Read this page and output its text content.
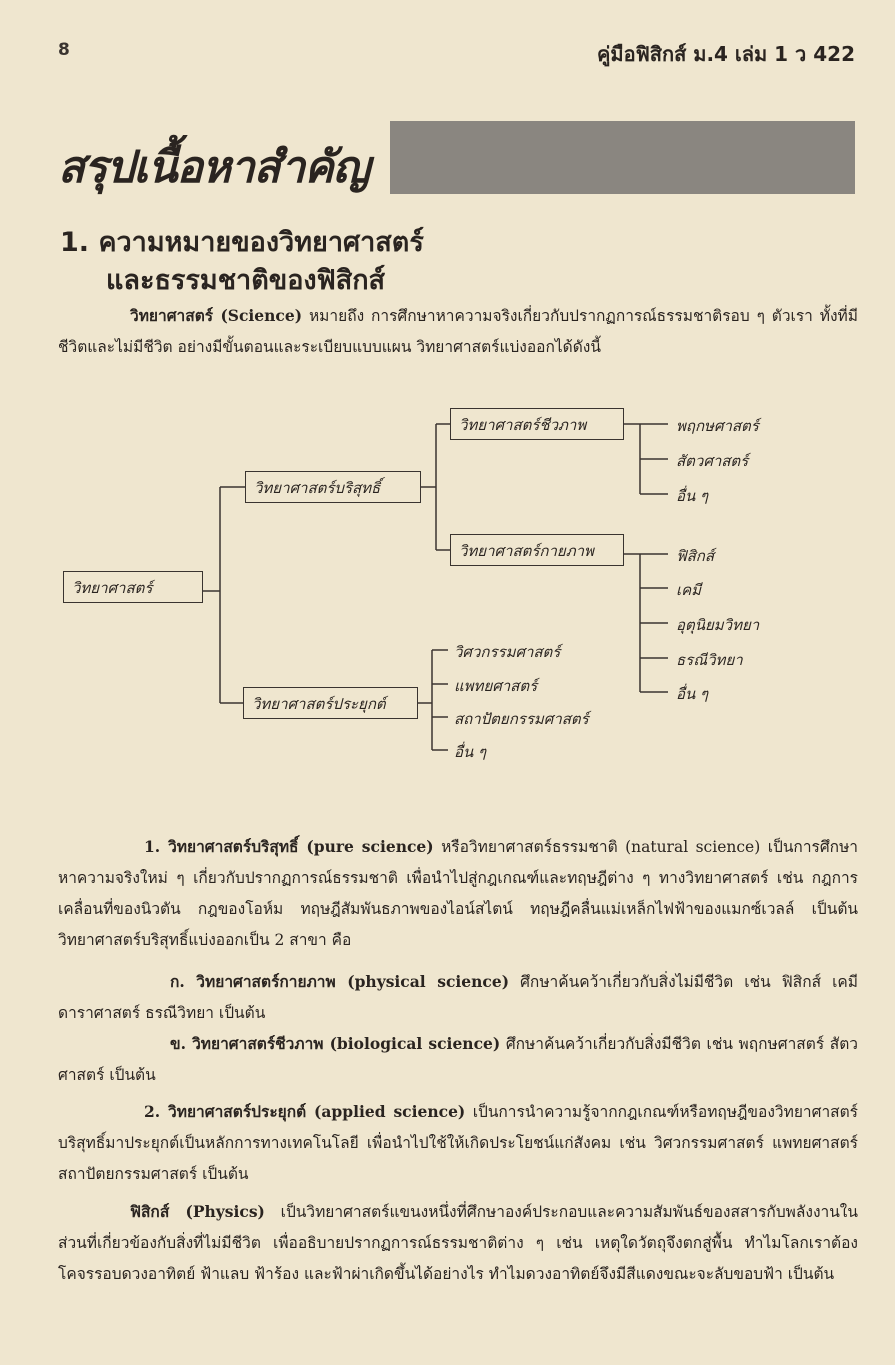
8	คู่มือฟิสิกส์ ม.4 เล่ม 1 ว 422
สรุปเนื้อหาสำคัญ
1. ความหมายของวิทยาศาสตร์
และธรรมชาติของฟิสิกส์
วิทยาศาสตร์ (Science) หมายถึง การศึกษาหาความจริงเกี่ยวกับปรากฏการณ์ธรรมชาติรอบ ๆ ตัวเรา ทั้งที่มีชีวิตและไม่มีชีวิต อย่างมีขั้นตอนและระเบียบแบบแผน วิทยาศาสตร์แบ่งออกได้ดังนี้
วิทยาศาสตร์
วิทยาศาสตร์บริสุทธิ์
วิทยาศาสตร์ประยุกต์
วิทยาศาสตร์ชีวภาพ
วิทยาศาสตร์กายภาพ
พฤกษศาสตร์
สัตวศาสตร์
อื่น ๆ
ฟิสิกส์
เคมี
อุตุนิยมวิทยา
ธรณีวิทยา
อื่น ๆ
วิศวกรรมศาสตร์
แพทยศาสตร์
สถาปัตยกรรมศาสตร์
อื่น ๆ
1. วิทยาศาสตร์บริสุทธิ์ (pure science) หรือวิทยาศาสตร์ธรรมชาติ (natural science) เป็นการศึกษาหาความจริงใหม่ ๆ เกี่ยวกับปรากฏการณ์ธรรมชาติ เพื่อนำไปสู่กฎเกณฑ์และทฤษฎีต่าง ๆ ทางวิทยาศาสตร์ เช่น กฎการเคลื่อนที่ของนิวตัน กฎของโอห์ม ทฤษฎีสัมพันธภาพของไอน์สไตน์ ทฤษฎีคลื่นแม่เหล็กไฟฟ้าของแมกซ์เวลล์ เป็นต้น วิทยาศาสตร์บริสุทธิ์แบ่งออกเป็น 2 สาขา คือ
ก. วิทยาศาสตร์กายภาพ (physical science) ศึกษาค้นคว้าเกี่ยวกับสิ่งไม่มีชีวิต เช่น ฟิสิกส์ เคมี ดาราศาสตร์ ธรณีวิทยา เป็นต้น
ข. วิทยาศาสตร์ชีวภาพ (biological science) ศึกษาค้นคว้าเกี่ยวกับสิ่งมีชีวิต เช่น พฤกษศาสตร์ สัตวศาสตร์ เป็นต้น
2. วิทยาศาสตร์ประยุกต์ (applied science) เป็นการนำความรู้จากกฎเกณฑ์หรือทฤษฎีของวิทยาศาสตร์บริสุทธิ์มาประยุกต์เป็นหลักการทางเทคโนโลยี เพื่อนำไปใช้ให้เกิดประโยชน์แก่สังคม เช่น วิศวกรรมศาสตร์ แพทยศาสตร์ สถาปัตยกรรมศาสตร์ เป็นต้น
ฟิสิกส์ (Physics) เป็นวิทยาศาสตร์แขนงหนึ่งที่ศึกษาองค์ประกอบและความสัมพันธ์ของสสารกับพลังงานในส่วนที่เกี่ยวข้องกับสิ่งที่ไม่มีชีวิต เพื่ออธิบายปรากฏการณ์ธรรมชาติต่าง ๆ เช่น เหตุใดวัตถุจึงตกสู่พื้น ทำไมโลกเราต้องโคจรรอบดวงอาทิตย์ ฟ้าแลบ ฟ้าร้อง และฟ้าผ่าเกิดขึ้นได้อย่างไร ทำไมดวงอาทิตย์จึงมีสีแดงขณะจะลับขอบฟ้า เป็นต้น
